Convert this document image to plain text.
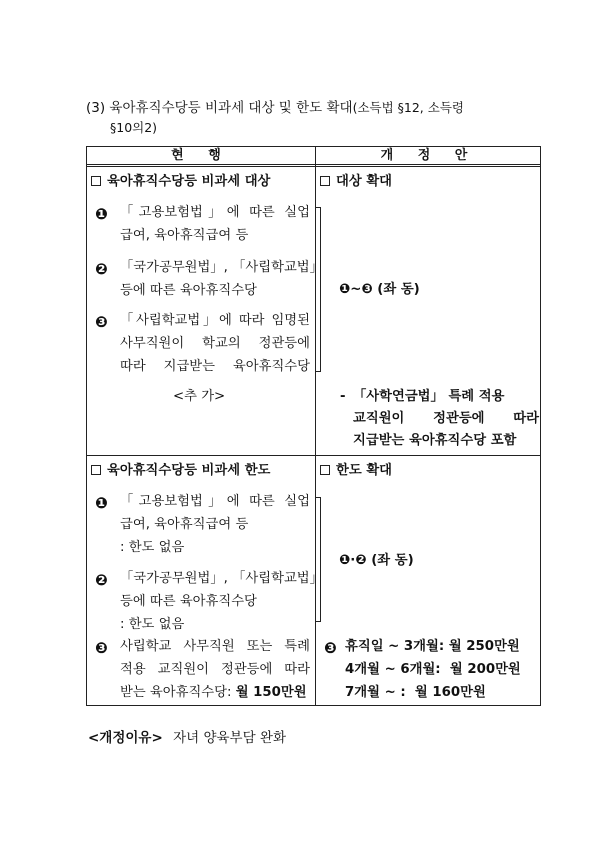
(3) 육아휴직수당등 비과세 대상 및 한도 확대(소득법 §12, 소득령
§10의2)
현 행	개 정 안
육아휴직수당등 비과세 대상
❶ 「고용보험법」에 따른 실업
급여, 육아휴직급여 등
❷ 「국가공무원법」, 「사립학교법」
등에 따른 육아휴직수당
❸ 「사립학교법」에 따라 임명된
사무직원이 학교의 정관등에
따라 지급받는 육아휴직수당
<추 가>
대상 확대
❶~❸ (좌 동)
- 「사학연금법」 특례 적용
교직원이 정관등에 따라
지급받는 육아휴직수당 포함
육아휴직수당등 비과세 한도
❶ 「고용보험법」에 따른 실업
급여, 육아휴직급여 등
: 한도 없음
❷ 「국가공무원법」, 「사립학교법」
등에 따른 육아휴직수당
: 한도 없음
❸ 사립학교 사무직원 또는 특례
적용 교직원이 정관등에 따라
받는 육아휴직수당: 월 150만원
한도 확대
❶·❷ (좌 동)
❸ 휴직일 ~ 3개월: 월 250만원
4개월 ~ 6개월:  월 200만원
7개월 ~ :  월 160만원
<개정이유> 자녀 양육부담 완화
